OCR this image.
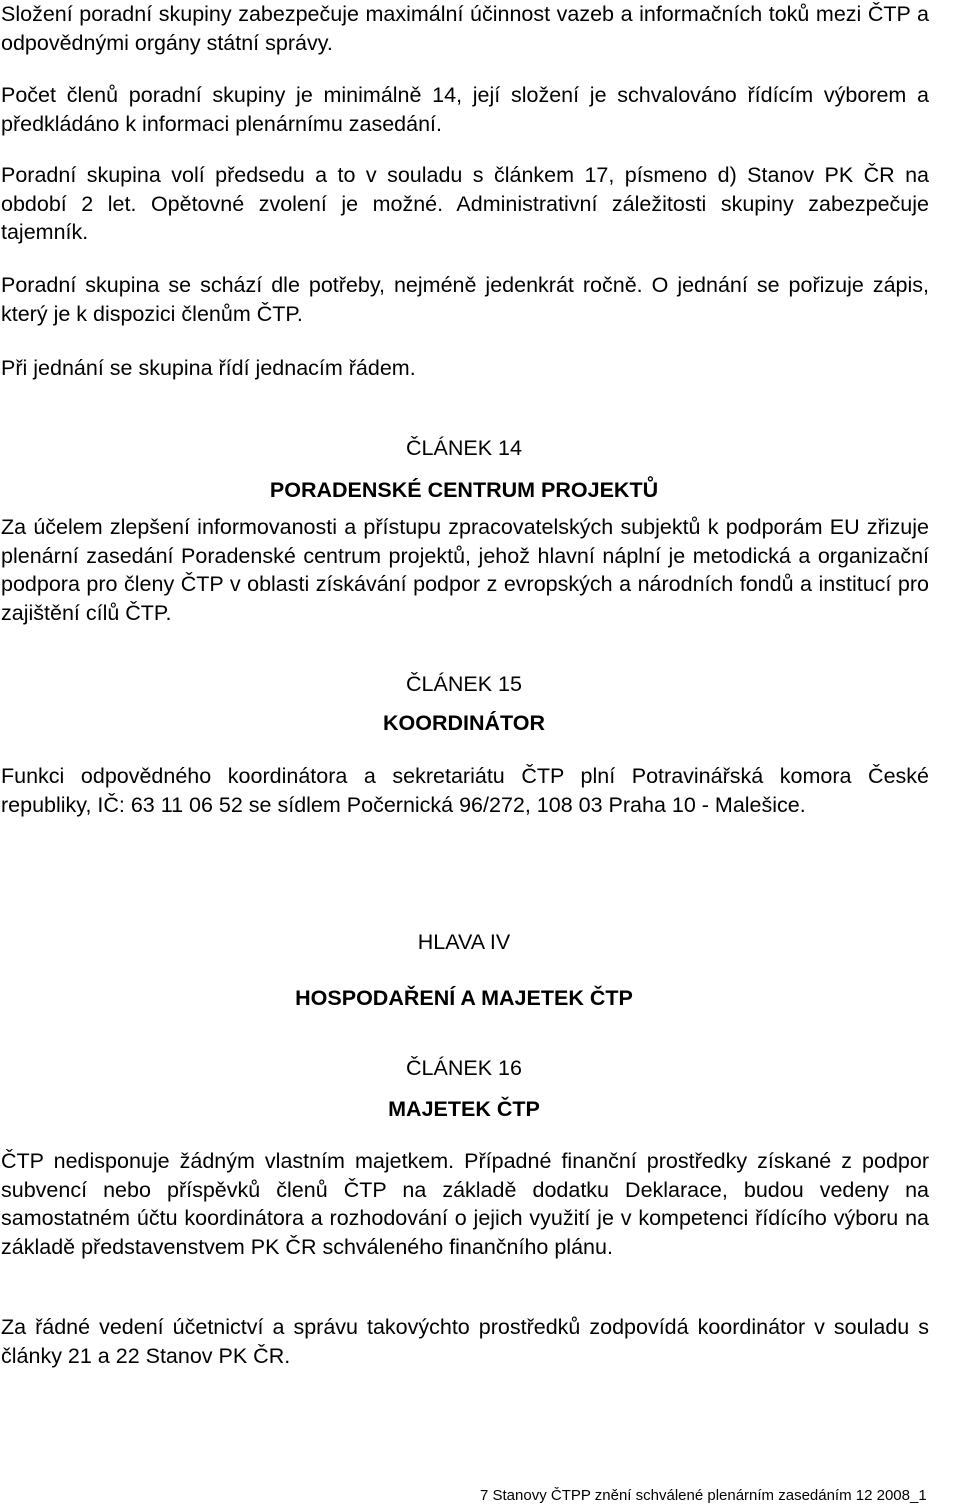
Složení poradní skupiny zabezpečuje maximální účinnost vazeb a informačních toků mezi ČTP a odpovědnými orgány státní správy.

Počet členů poradní skupiny je minimálně 14, její složení je schvalováno řídícím výborem a předkládáno k informaci plenárnímu zasedání.

Poradní skupina volí předsedu a to v souladu s článkem 17, písmeno d) Stanov PK ČR na období 2 let. Opětovné zvolení je možné. Administrativní záležitosti skupiny zabezpečuje tajemník.

Poradní skupina se schází dle potřeby, nejméně jedenkrát ročně. O jednání se pořizuje zápis, který je k dispozici členům ČTP.

Při jednání se skupina řídí jednacím řádem.

ČLÁNEK 14
PORADENSKÉ CENTRUM PROJEKTŮ

Za účelem zlepšení informovanosti a přístupu zpracovatelských subjektů k podporám EU zřizuje plenární zasedání Poradenské centrum projektů, jehož hlavní náplní je metodická a organizační podpora pro členy ČTP v oblasti získávání podpor z evropských a národních fondů a institucí pro zajištění cílů ČTP.

ČLÁNEK 15
KOORDINÁTOR

Funkci odpovědného koordinátora a sekretariátu ČTP plní Potravinářská komora České republiky, IČ: 63 11 06 52 se sídlem Počernická 96/272, 108 03 Praha 10 - Malešice.

HLAVA IV
HOSPODAŘENÍ A MAJETEK ČTP
ČLÁNEK 16
MAJETEK ČTP

ČTP nedisponuje žádným vlastním majetkem. Případné finanční prostředky získané z podpor subvencí nebo příspěvků členů ČTP na základě dodatku Deklarace, budou vedeny na samostatném účtu koordinátora a rozhodování o jejich využití je v kompetenci řídícího výboru na základě představenstvem PK ČR schváleného finančního plánu.

Za řádné vedení účetnictví a správu takovýchto prostředků zodpovídá koordinátor v souladu s články 21 a 22 Stanov PK ČR.

7 Stanovy ČTPP znění schválené plenárním zasedáním 12 2008_1
